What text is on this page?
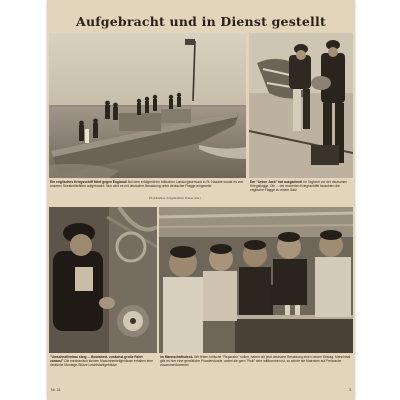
Aufgebracht und in Dienst gestellt
Ein englisches Kriegsschiff fährt gegen England! Bei dem erfolgreichen britischen Landungsversuch in St. Nazaire wurde es von unseren Seestreitkräften aufgebracht. Nun wird es mit deutscher Besatzung unter deutscher Flagge eingesetzt
PK-Aufnahme: Kriegsberichter Kramer (H.H.)
Der "Union Jack" hat ausgedient! Im Tagfahrt vor der deutschen Kriegsflagge. Die ... der eroberten Kriegsschiffe tauschten die englische Flagge zu einem Satz
"Umschnellenbau steig ... Bootsbest. zunächst große Fahrt voraus!" Die mechanisch kleinen Maschinenteilgehäuse erhalten eine deutsche Montage-Stütze Leichtstahlgehäuse
Im Mannschaftsdeck. Wir feiern kritische "Reparatur" sollen, haben wir jetzt deutsche Besatzung einen neuen Eintrag. Manchmal gibt es hier eine gemütliche Plauderstunde, wobei sie gern "Rolli" sehr willkommen ist, so würde sie Matrosen auf Freiwache zusammenkommen
Nr. 31	3
